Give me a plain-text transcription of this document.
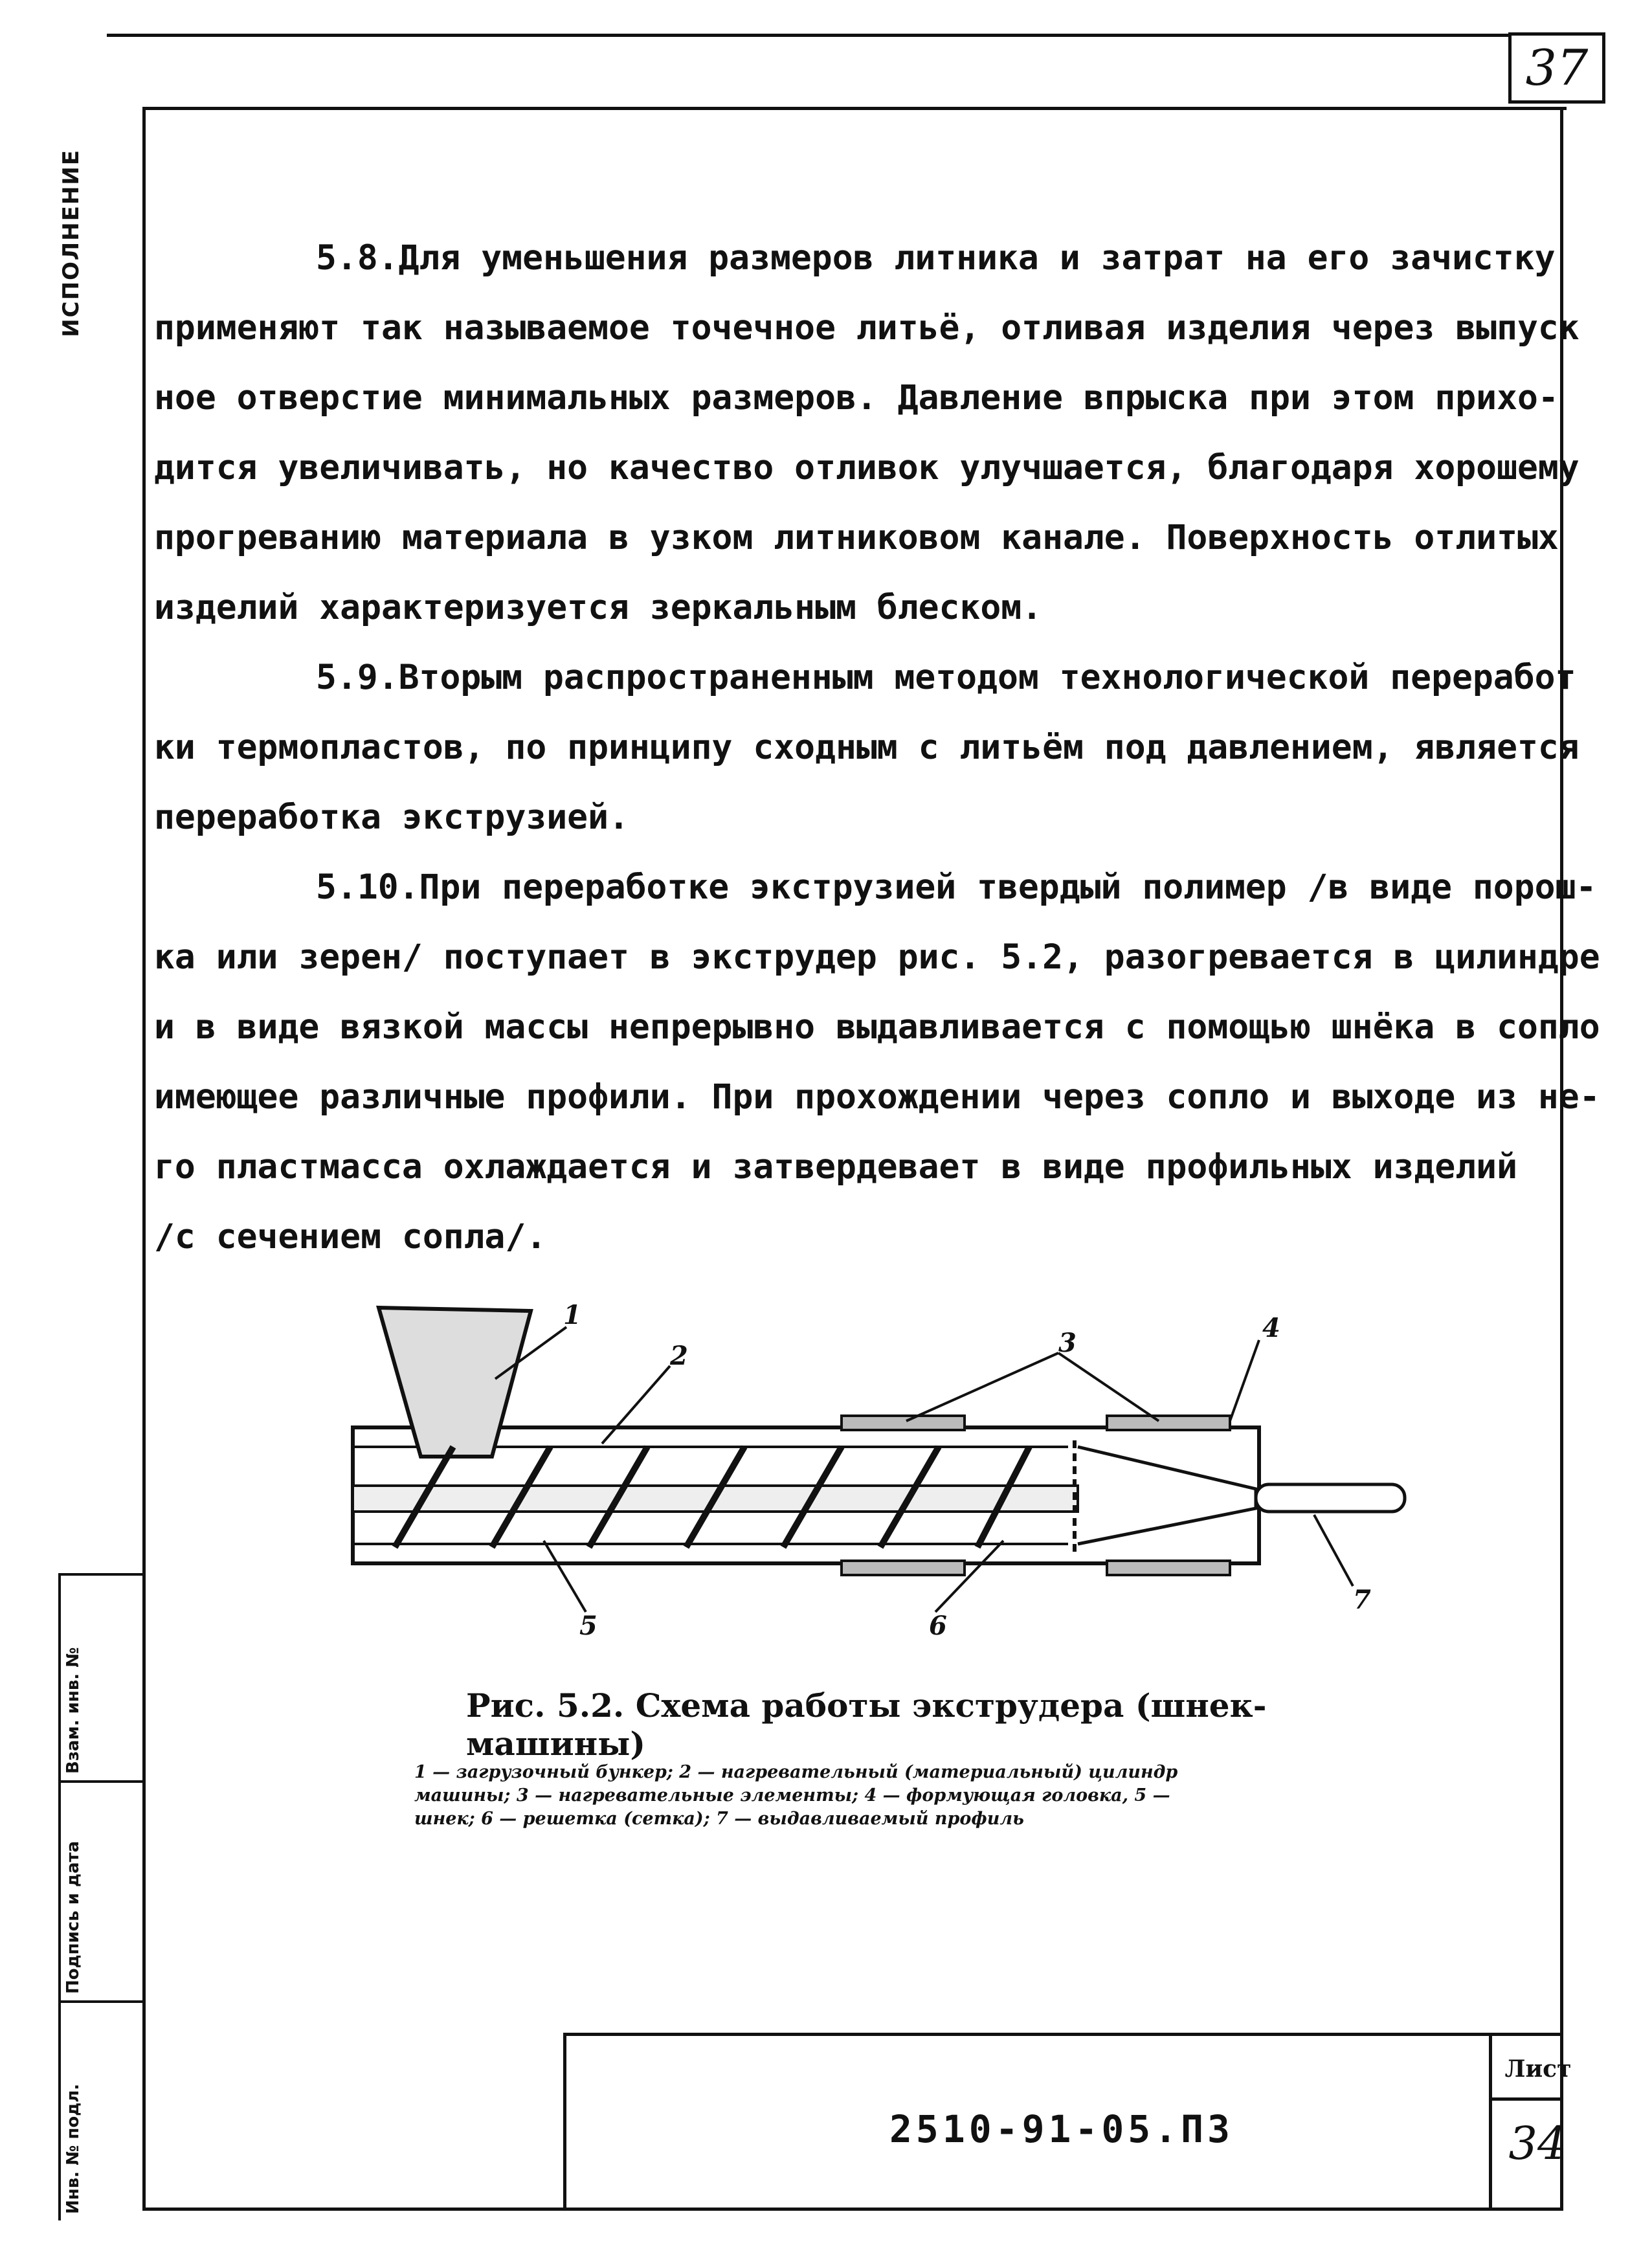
37
ИСПОЛНЕНИЕ	5.8.Для уменьшения размеров литника и затрат на его зачистку

применяют так называемое точечное литьё, отливая изделия через выпуск

ное отверстие минимальных размеров. Давление впрыска при этом прихо-

дится увеличивать, но качество отливок улучшается, благодаря хорошему

прогреванию материала в узком литниковом канале. Поверхность отлитых

изделий характеризуется зеркальным блеском.

5.9.Вторым распространенным методом технологической переработ

ки термопластов, по принципу сходным с литьём под давлением, является

переработка экструзией.

5.10.При переработке экструзией твердый полимер /в виде порош-

ка или зерен/ поступает в экструдер рис. 5.2, разогревается в цилиндре

и в виде вязкой массы непрерывно выдавливается с помощью шнёка в сопло

имеющее различные профили. При прохождении через сопло и выходе из не-

го пластмасса охлаждается и затвердевает в виде профильных изделий

/с сечением сопла/.

1
2	3	4
5	6
7
Рис. 5.2. Схема работы экструдера (шнек-машины)
1 — загрузочный бункер; 2 — нагревательный (материальный) цилиндр
машины; 3 — нагревательные элементы; 4 — формующая головка, 5 —
шнек; 6 — решетка (сетка); 7 — выдавливаемый профиль
Взам. инв. №
Подпись и дата
Инв. № подл.	2510-91-05.ПЗ
Лист
34
